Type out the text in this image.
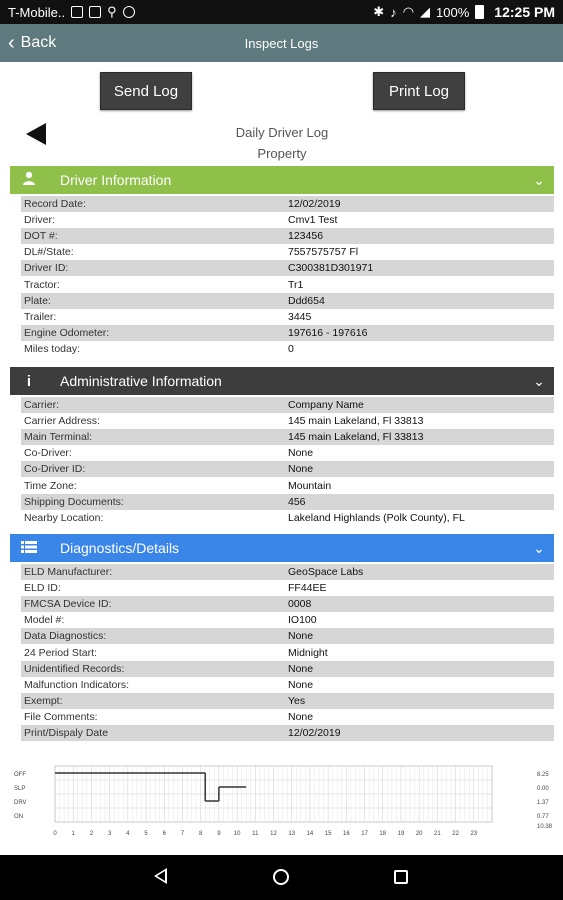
T-Mobile..	⚲	✱ ♪ ◠ ◢ 100% 12:25 PM
‹ Back	Inspect Logs
Send Log	Print Log
Daily Driver Log
Property
Driver Information	⌄
Record Date:	12/02/2019
Driver:	Cmv1 Test
DOT #:	123456
DL#/State:	7557575757 Fl
Driver ID:	C300381D301971
Tractor:	Tr1
Plate:	Ddd654
Trailer:	3445
Engine Odometer:	197616 - 197616
Miles today:	0
i	Administrative Information	⌄
Carrier:	Company Name
Carrier Address:	145 main Lakeland, Fl 33813
Main Terminal:	145 main Lakeland, Fl 33813
Co-Driver:	None
Co-Driver ID:	None
Time Zone:	Mountain
Shipping Documents:	456
Nearby Location:	Lakeland Highlands (Polk County), FL
Diagnostics/Details	⌄
ELD Manufacturer:	GeoSpace Labs
ELD ID:	FF44EE
FMCSA Device ID:	0008
Model #:	IO100
Data Diagnostics:	None
24 Period Start:	Midnight
Unidentified Records:	None
Malfunction Indicators:	None
Exempt:	Yes
File Comments:	None
Print/Dispaly Date	12/02/2019
OFF
SLP
DRV
ON
0 1 2 3 4 5 6 7 8 9 10 11 12 13 14 15 16 17 18 19 20 21 22 23
8.25
0.00
1.37
0.77
10.38
